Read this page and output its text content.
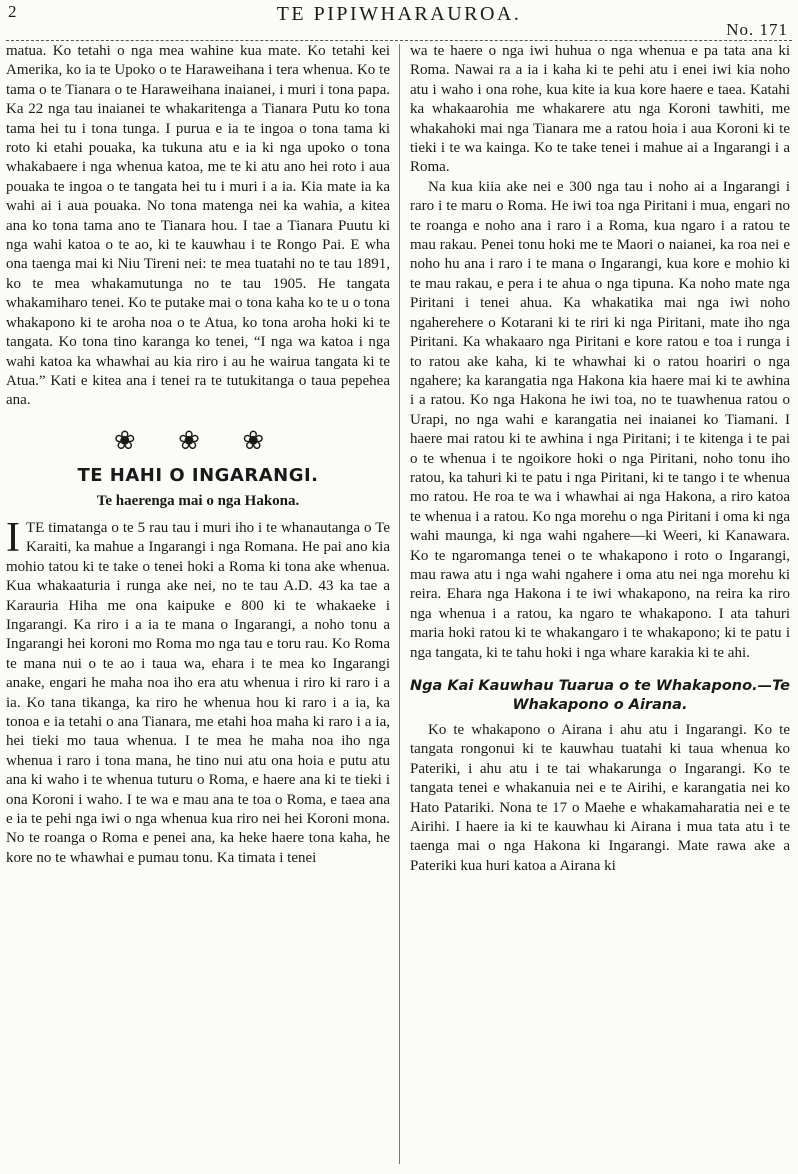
2	TE PIPIWHARAUROA.
No. 171

matua. Ko tetahi o nga mea wahine kua mate. Ko tetahi kei Amerika, ko ia te Upoko o te Haraweihana i tera whenua. Ko te tama o te Tianara o te Haraweihana inaianei, i muri i tona papa. Ka 22 nga tau inaianei te whakaritenga a Tianara Putu ko tona tama hei tu i tona tunga. I purua e ia te ingoa o tona tama ki roto ki etahi pouaka, ka tukuna atu e ia ki nga upoko o tona whakabaere i nga whenua katoa, me te ki atu ano hei roto i aua pouaka te ingoa o te tangata hei tu i muri i a ia. Kia mate ia ka wahi ai i aua pouaka. No tona matenga nei ka wahia, a kitea ana ko tona tama ano te Tianara hou. I tae a Tianara Puutu ki nga wahi katoa o te ao, ki te kauwhau i te Rongo Pai. E wha ona taenga mai ki Niu Tireni nei: te mea tuatahi no te tau 1891, ko te mea whakamutunga no te tau 1905. He tangata whakamiharo tenei. Ko te putake mai o tona kaha ko te u o tona whakapono ki te aroha noa o te Atua, ko tona aroha hoki ki te tangata. Ko tona tino karanga ko tenei, “I nga wa katoa i nga wahi katoa ka whawhai au kia riro i au he wairua tangata ki te Atua.” Kati e kitea ana i tenei ra te tutukitanga o taua pepehea ana.

❀ ❀ ❀
TE HAHI O INGARANGI.
Te haerenga mai o nga Hakona.

ITE timatanga o te 5 rau tau i muri iho i te whanautanga o Te Karaiti, ka mahue a Ingarangi i nga Romana. He pai ano kia mohio tatou ki te take o tenei hoki a Roma ki tona ake whenua. Kua whakaaturia i runga ake nei, no te tau A.D. 43 ka tae a Karauria Hiha me ona kaipuke e 800 ki te whakaeke i Ingarangi. Ka riro i a ia te mana o Ingarangi, a noho tonu a Ingarangi hei koroni mo Roma mo nga tau e toru rau. Ko Roma te mana nui o te ao i taua wa, ehara i te mea ko Ingarangi anake, engari he maha noa iho era atu whenua i riro ki raro i a ia. Ko tana tikanga, ka riro he whenua hou ki raro i a ia, ka tonoa e ia tetahi o ana Tianara, me etahi hoa maha ki raro i a ia, hei tieki mo taua whenua. I te mea he maha noa iho nga whenua i raro i tona mana, he tino nui atu ona hoia e putu atu ana ki waho i te whenua tuturu o Roma, e haere ana ki te tieki i ona Koroni i waho. I te wa e mau ana te toa o Roma, e taea ana e ia te pehi nga iwi o nga whenua kua riro nei hei Koroni mona. No te roanga o Roma e penei ana, ka heke haere tona kaha, he kore no te whawhai e pumau tonu. Ka timata i tenei

wa te haere o nga iwi huhua o nga whenua e pa tata ana ki Roma. Nawai ra a ia i kaha ki te pehi atu i enei iwi kia noho atu i waho i ona rohe, kua kite ia kua kore haere e taea. Katahi ka whakaarohia me whakarere atu nga Koroni tawhiti, me whakahoki mai nga Tianara me a ratou hoia i aua Koroni ki te tieki i te wa kainga. Ko te take tenei i mahue ai a Ingarangi i a Roma.

Na kua kiia ake nei e 300 nga tau i noho ai a Ingarangi i raro i te maru o Roma. He iwi toa nga Piritani i mua, engari no te roanga e noho ana i raro i a Roma, kua ngaro i a ratou te mau rakau. Penei tonu hoki me te Maori o naianei, ka roa nei e noho hu ana i raro i te mana o Ingarangi, kua kore e mohio ki te mau rakau, e pera i te ahua o nga tipuna. Ka noho mate nga Piritani i tenei ahua. Ka whakatika mai nga iwi noho ngaherehere o Kotarani ki te riri ki nga Piritani, mate iho nga Piritani. Ka whakaaro nga Piritani e kore ratou e toa i runga i to ratou ake kaha, ki te whawhai ki o ratou hoariri o nga ngahere; ka karangatia nga Hakona kia haere mai ki te awhina i a ratou. Ko nga Hakona he iwi toa, no te tuawhenua ratou o Urapi, no nga wahi e karangatia nei inaianei ko Tiamani. I haere mai ratou ki te awhina i nga Piritani; i te kitenga i te pai o te whenua i te ngoikore hoki o nga Piritani, noho tonu iho ratou, ka tahuri ki te patu i nga Piritani, ki te tango i te whenua mo ratou. He roa te wa i whawhai ai nga Hakona, a riro katoa te whenua i a ratou. Ko nga morehu o nga Piritani i oma ki nga wahi maunga, ki nga wahi ngahere—ki Weeri, ki Kanawara. Ko te ngaromanga tenei o te whakapono i roto o Ingarangi, mau rawa atu i nga wahi ngahere i oma atu nei nga morehu ki reira. Ehara nga Hakona i te iwi whakapono, na reira ka riro nga whenua i a ratou, ka ngaro te whakapono. I ata tahuri maria hoki ratou ki te whakangaro i te whakapono; ki te patu i nga tangata, ki te tahu hoki i nga whare karakia ki te ahi.

Nga Kai Kauwhau Tuarua o te Whakapono.—Te Whakapono o Airana.

Ko te whakapono o Airana i ahu atu i Ingarangi. Ko te tangata rongonui ki te kauwhau tuatahi ki taua whenua ko Pateriki, i ahu atu i te tai whakarunga o Ingarangi. Ko te tangata tenei e whakanuia nei e te Airihi, e karangatia nei ko Hato Patariki. Nona te 17 o Maehe e whakamaharatia nei e te Airihi. I haere ia ki te kauwhau ki Airana i mua tata atu i te taenga mai o nga Hakona ki Ingarangi. Mate rawa ake a Pateriki kua huri katoa a Airana ki
